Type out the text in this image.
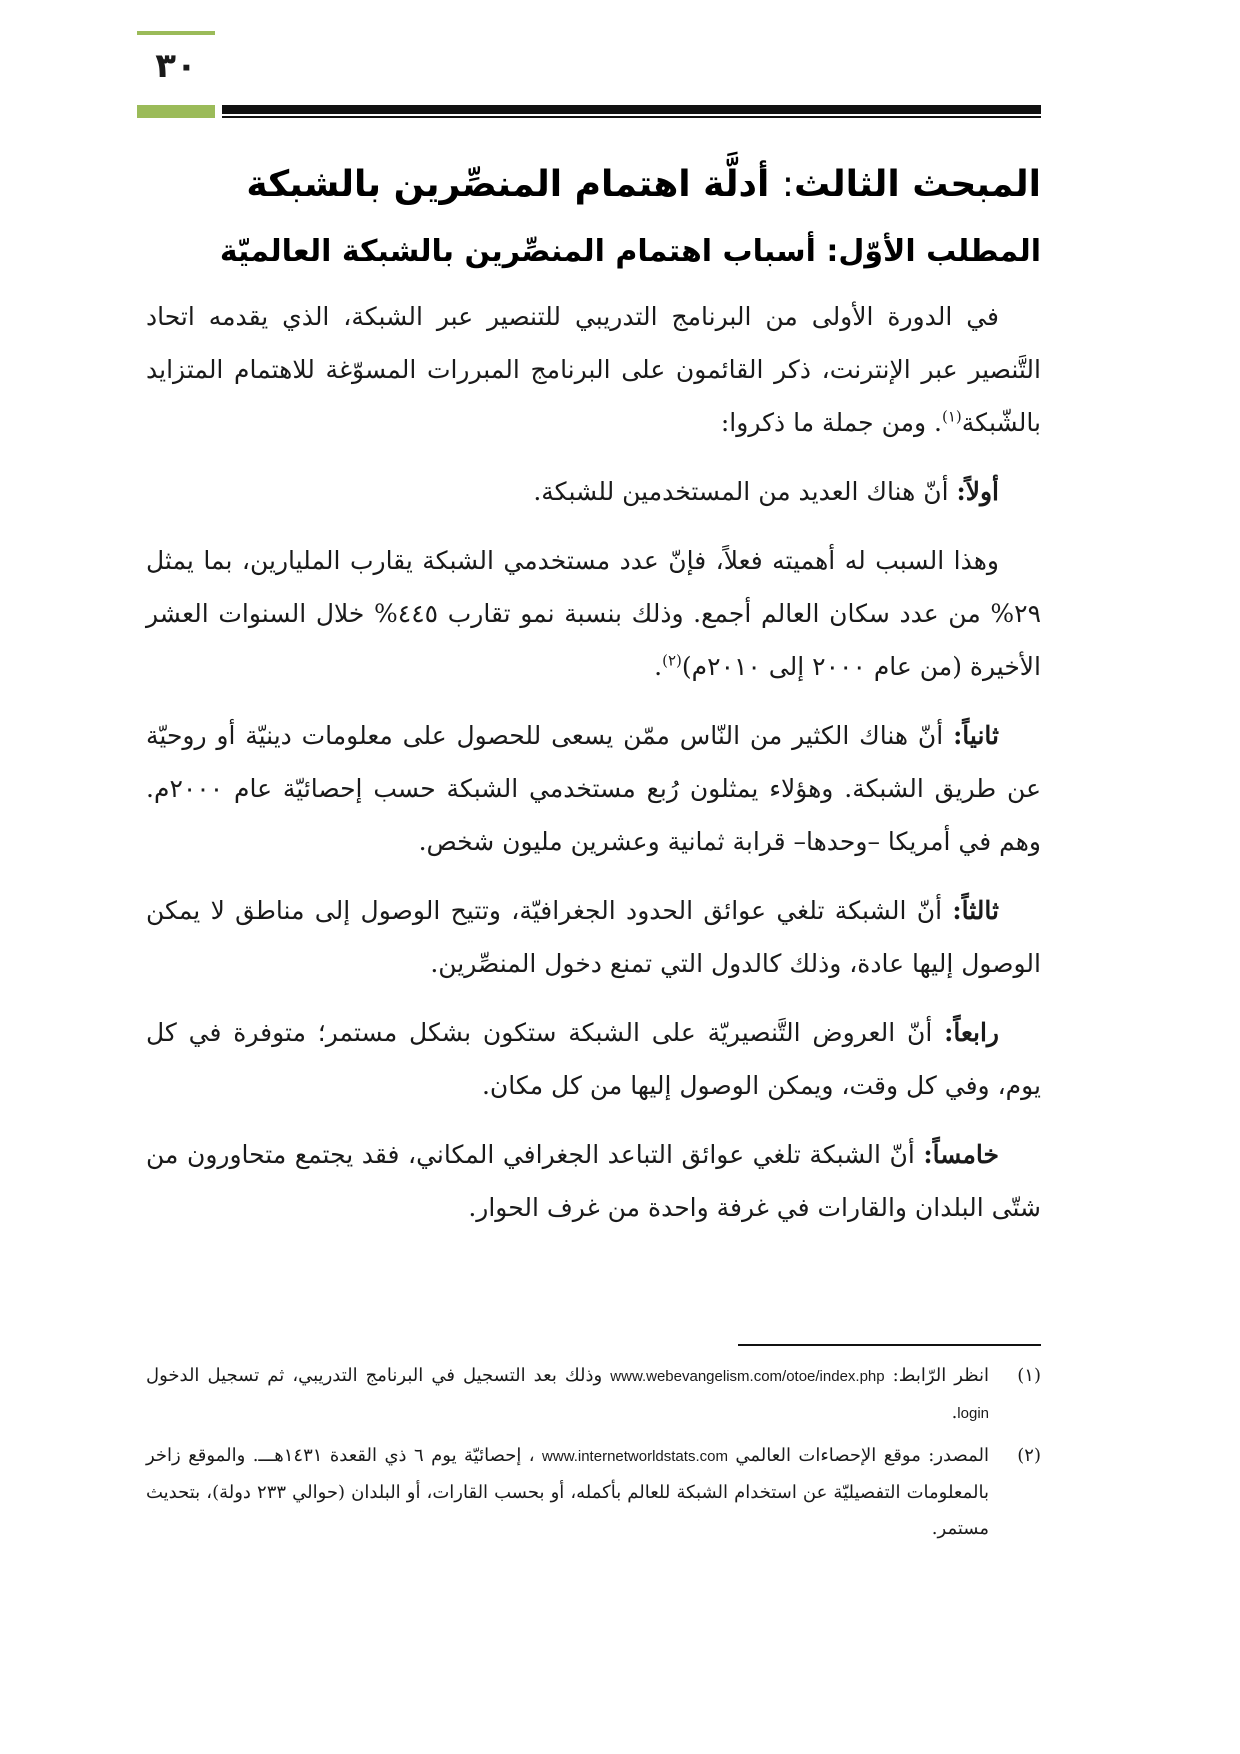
٣٠
المبحث الثالث: أدلَّة اهتمام المنصِّرين بالشبكة
المطلب الأوّل: أسباب اهتمام المنصِّرين بالشبكة العالميّة

في الدورة الأولى من البرنامج التدريبي للتنصير عبر الشبكة، الذي يقدمه اتحاد التَّنصير عبر الإنترنت، ذكر القائمون على البرنامج المبررات المسوّغة للاهتمام المتزايد بالشّبكة$^{(١)}$. ومن جملة ما ذكروا:

أولاً: أنّ هناك العديد من المستخدمين للشبكة.

وهذا السبب له أهميته فعلاً، فإنّ عدد مستخدمي الشبكة يقارب المليارين، بما يمثل ٢٩% من عدد سكان العالم أجمع. وذلك بنسبة نمو تقارب ٤٤٥% خلال السنوات العشر الأخيرة (من عام ٢٠٠٠ إلى ٢٠١٠م)$^{(٢)}$.

ثانياً: أنّ هناك الكثير من النّاس ممّن يسعى للحصول على معلومات دينيّة أو روحيّة عن طريق الشبكة. وهؤلاء يمثلون رُبع مستخدمي الشبكة حسب إحصائيّة عام ٢٠٠٠م. وهم في أمريكا –وحدها– قرابة ثمانية وعشرين مليون شخص.

ثالثاً: أنّ الشبكة تلغي عوائق الحدود الجغرافيّة، وتتيح الوصول إلى مناطق لا يمكن الوصول إليها عادة، وذلك كالدول التي تمنع دخول المنصِّرين.

رابعاً: أنّ العروض التَّنصيريّة على الشبكة ستكون بشكل مستمر؛ متوفرة في كل يوم، وفي كل وقت، ويمكن الوصول إليها من كل مكان.

خامساً: أنّ الشبكة تلغي عوائق التباعد الجغرافي المكاني، فقد يجتمع متحاورون من شتّى البلدان والقارات في غرفة واحدة من غرف الحوار.

(١)
انظر الرّابط: www.webevangelism.com/otoe/index.php وذلك بعد التسجيل في البرنامج التدريبي، ثم تسجيل الدخول login.
(٢)
المصدر: موقع الإحصاءات العالمي www.internetworldstats.com ، إحصائيّة يوم ٦ ذي القعدة ١٤٣١هـــ. والموقع زاخر بالمعلومات التفصيليّة عن استخدام الشبكة للعالم بأكمله، أو بحسب القارات، أو البلدان (حوالي ٢٣٣ دولة)، بتحديث مستمر.
